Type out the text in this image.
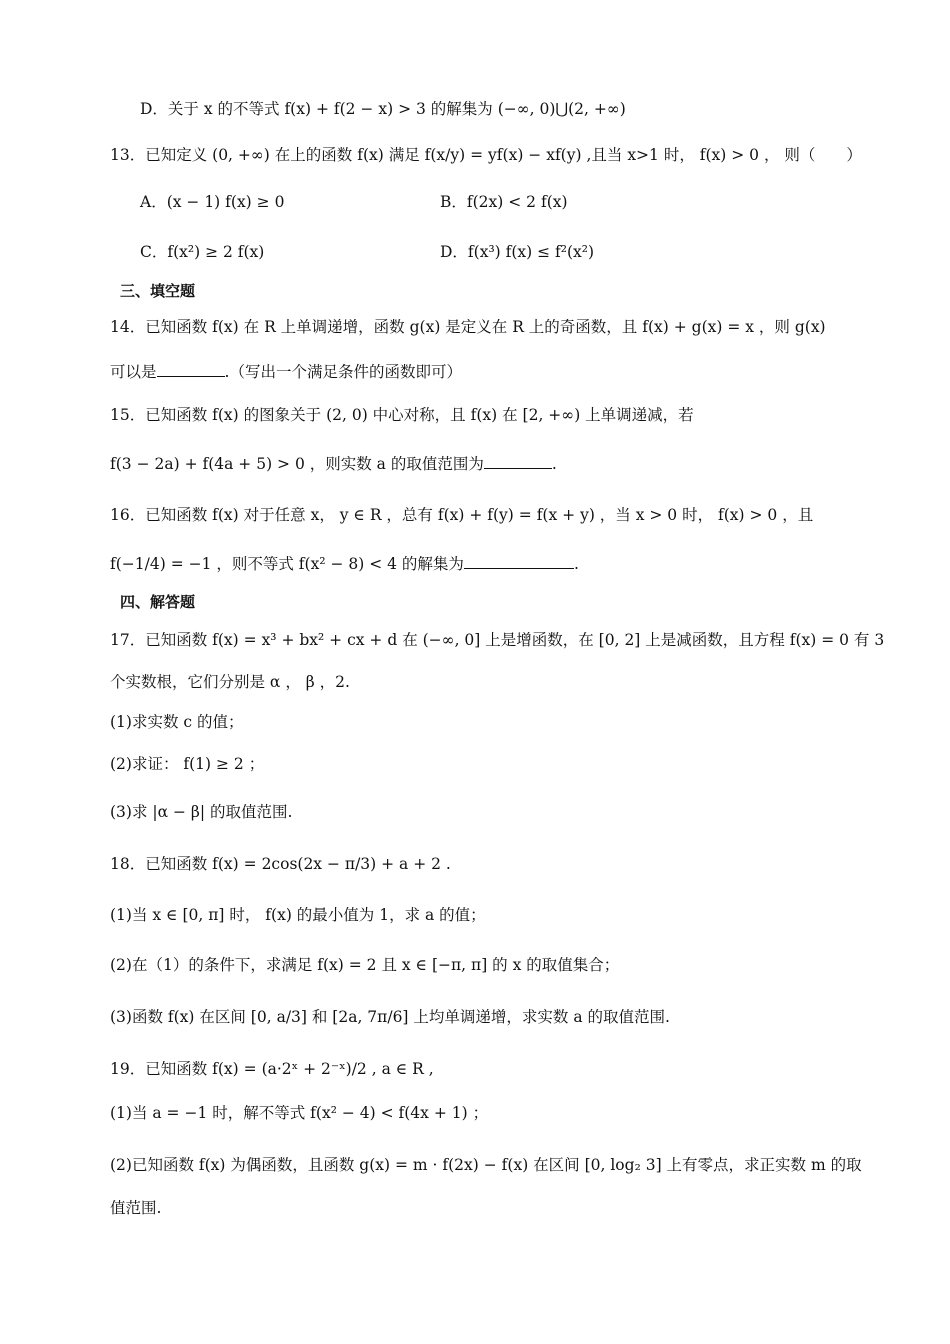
D．关于 x 的不等式 f(x) + f(2 − x) > 3 的解集为 (−∞, 0)⋃(2, +∞)
13．已知定义 (0, +∞) 在上的函数 f(x) 满足 f(x/y) = yf(x) − xf(y) ,且当 x>1 时， f(x) > 0 ， 则（　　）
A．(x − 1) f(x) ≥ 0	B．f(2x) < 2 f(x)
C．f(x²) ≥ 2 f(x)	D．f(x³) f(x) ≤ f²(x²)
三、填空题
14．已知函数 f(x) 在 R 上单调递增，函数 g(x) 是定义在 R 上的奇函数，且 f(x) + g(x) = x ，则 g(x)
可以是	.（写出一个满足条件的函数即可）
15．已知函数 f(x) 的图象关于 (2, 0) 中心对称，且 f(x) 在 [2, +∞) 上单调递减，若
f(3 − 2a) + f(4a + 5) > 0 ，则实数 a 的取值范围为	.
16．已知函数 f(x) 对于任意 x， y ∈ R ，总有 f(x) + f(y) = f(x + y) ，当 x > 0 时， f(x) > 0 ，且
f(−1/4) = −1 ，则不等式 f(x² − 8) < 4 的解集为	.
四、解答题
17．已知函数 f(x) = x³ + bx² + cx + d 在 (−∞, 0] 上是增函数，在 [0, 2] 上是减函数，且方程 f(x) = 0 有 3
个实数根，它们分别是 α ， β ，2.
(1)求实数 c 的值；
(2)求证： f(1) ≥ 2 ；
(3)求 |α − β| 的取值范围.
18．已知函数 f(x) = 2cos(2x − π/3) + a + 2 .
(1)当 x ∈ [0, π] 时， f(x) 的最小值为 1，求 a 的值；
(2)在（1）的条件下，求满足 f(x) = 2 且 x ∈ [−π, π] 的 x 的取值集合；
(3)函数 f(x) 在区间 [0, a/3] 和 [2a, 7π/6] 上均单调递增，求实数 a 的取值范围.
19．已知函数 f(x) = (a·2ˣ + 2⁻ˣ)/2 , a ∈ R ,
(1)当 a = −1 时，解不等式 f(x² − 4) < f(4x + 1) ；
(2)已知函数 f(x) 为偶函数，且函数 g(x) = m · f(2x) − f(x) 在区间 [0, log₂ 3] 上有零点，求正实数 m 的取
值范围.
